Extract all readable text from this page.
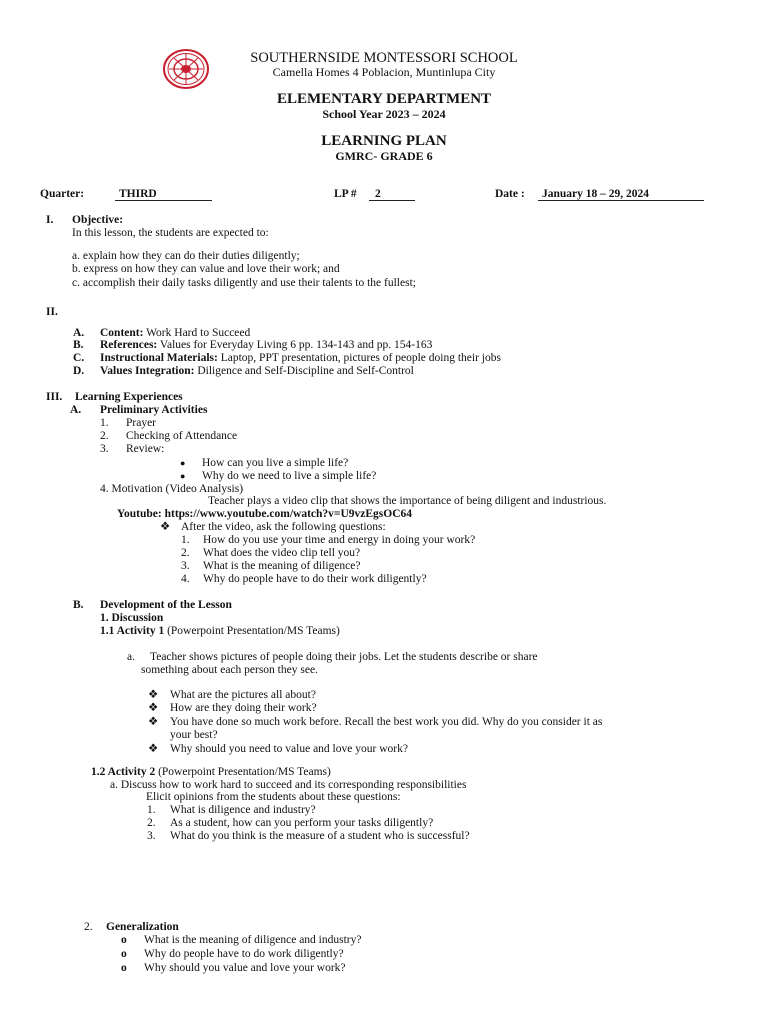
SOUTHERNSIDE MONTESSORI SCHOOL
Camella Homes 4 Poblacion, Muntinlupa City
ELEMENTARY DEPARTMENT
School Year 2023 – 2024
LEARNING PLAN
GMRC- GRADE 6
Quarter:	THIRD	LP #	2	Date :	January 18 – 29, 2024
I. Objective:
In this lesson, the students are expected to:
a. explain how they can do their duties diligently;
b. express on how they can value and love their work; and
c. accomplish their daily tasks diligently and use their talents to the fullest;
II.
A. Content: Work Hard to Succeed
B. References: Values for Everyday Living 6 pp. 134-143 and pp. 154-163
C. Instructional Materials: Laptop, PPT presentation, pictures of people doing their jobs
D. Values Integration: Diligence and Self-Discipline and Self-Control
III. Learning Experiences
A. Preliminary Activities
1. Prayer
2. Checking of Attendance
3. Review:
● How can you live a simple life?
● Why do we need to live a simple life?
4. Motivation (Video Analysis)
Teacher plays a video clip that shows the importance of being diligent and industrious.
Youtube: https://www.youtube.com/watch?v=U9vzEgsOC64
❖ After the video, ask the following questions:
1. How do you use your time and energy in doing your work?
2. What does the video clip tell you?
3. What is the meaning of diligence?
4. Why do people have to do their work diligently?
B. Development of the Lesson
1. Discussion
1.1 Activity 1 (Powerpoint Presentation/MS Teams)
a. Teacher shows pictures of people doing their jobs. Let the students describe or share
something about each person they see.
❖ What are the pictures all about?
❖ How are they doing their work?
❖ You have done so much work before. Recall the best work you did. Why do you consider it as
your best?
❖ Why should you need to value and love your work?
1.2 Activity 2 (Powerpoint Presentation/MS Teams)
a. Discuss how to work hard to succeed and its corresponding responsibilities
Elicit opinions from the students about these questions:
1. What is diligence and industry?
2. As a student, how can you perform your tasks diligently?
3. What do you think is the measure of a student who is successful?
2. Generalization
o What is the meaning of diligence and industry?
o Why do people have to do work diligently?
o Why should you value and love your work?
